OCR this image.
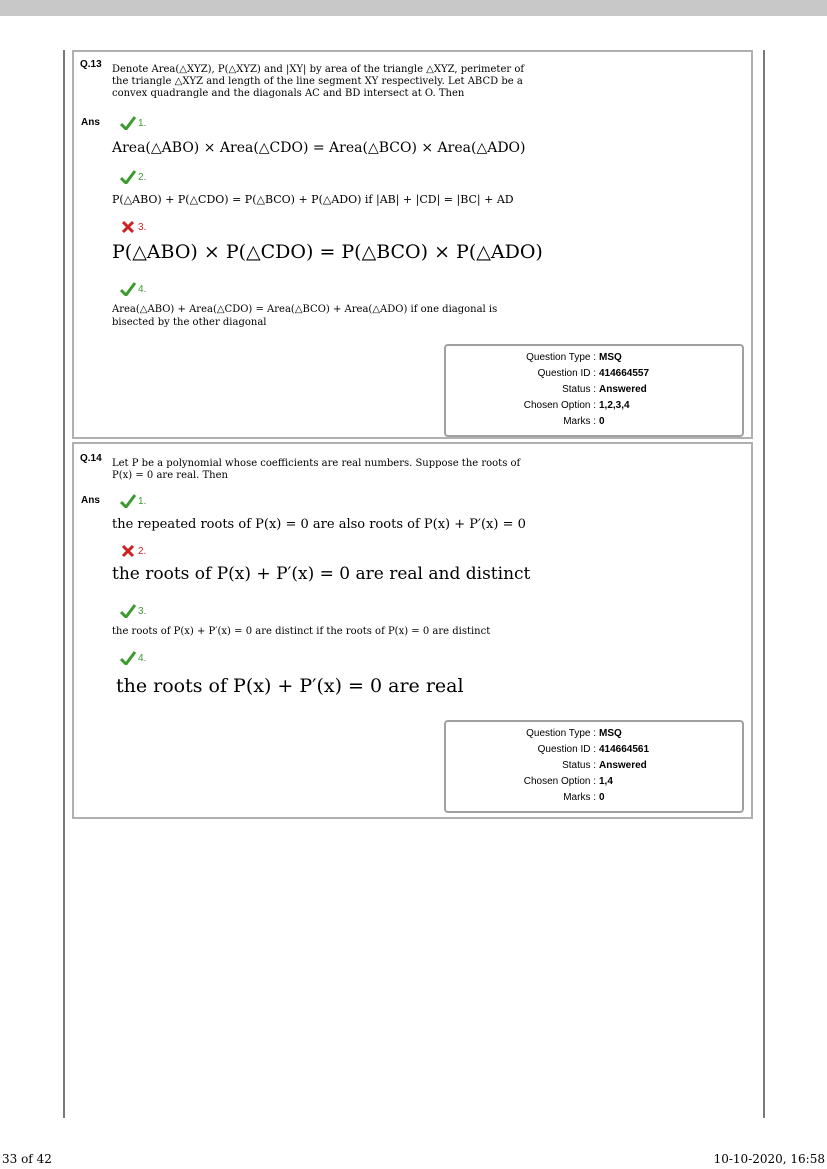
Q.13 Denote Area(△XYZ), P(△XYZ) and |XY| by area of the triangle △XYZ, perimeter of the triangle △XYZ and length of the line segment XY respectively. Let ABCD be a convex quadrangle and the diagonals AC and BD intersect at O. Then
Ans	1.
Area(△ABO) × Area(△CDO) = Area(△BCO) × Area(△ADO)
2.
P(△ABO) + P(△CDO) = P(△BCO) + P(△ADO) if |AB| + |CD| = |BC| + AD
3.
P(△ABO) × P(△CDO) = P(△BCO) × P(△ADO)
4.
Area(△ABO) + Area(△CDO) = Area(△BCO) + Area(△ADO) if one diagonal is bisected by the other diagonal
Question Type : MSQ
Question ID : 414664557
Status : Answered
Chosen Option : 1,2,3,4
Marks : 0
Q.14 Let P be a polynomial whose coefficients are real numbers. Suppose the roots of P(x) = 0 are real. Then
Ans	1.
the repeated roots of P(x) = 0 are also roots of P(x) + P′(x) = 0
2.
the roots of P(x) + P′(x) = 0 are real and distinct
3.
the roots of P(x) + P′(x) = 0 are distinct if the roots of P(x) = 0 are distinct
4.
the roots of P(x) + P′(x) = 0 are real
Question Type : MSQ
Question ID : 414664561
Status : Answered
Chosen Option : 1,4
Marks : 0
33 of 42	10-10-2020, 16:58
